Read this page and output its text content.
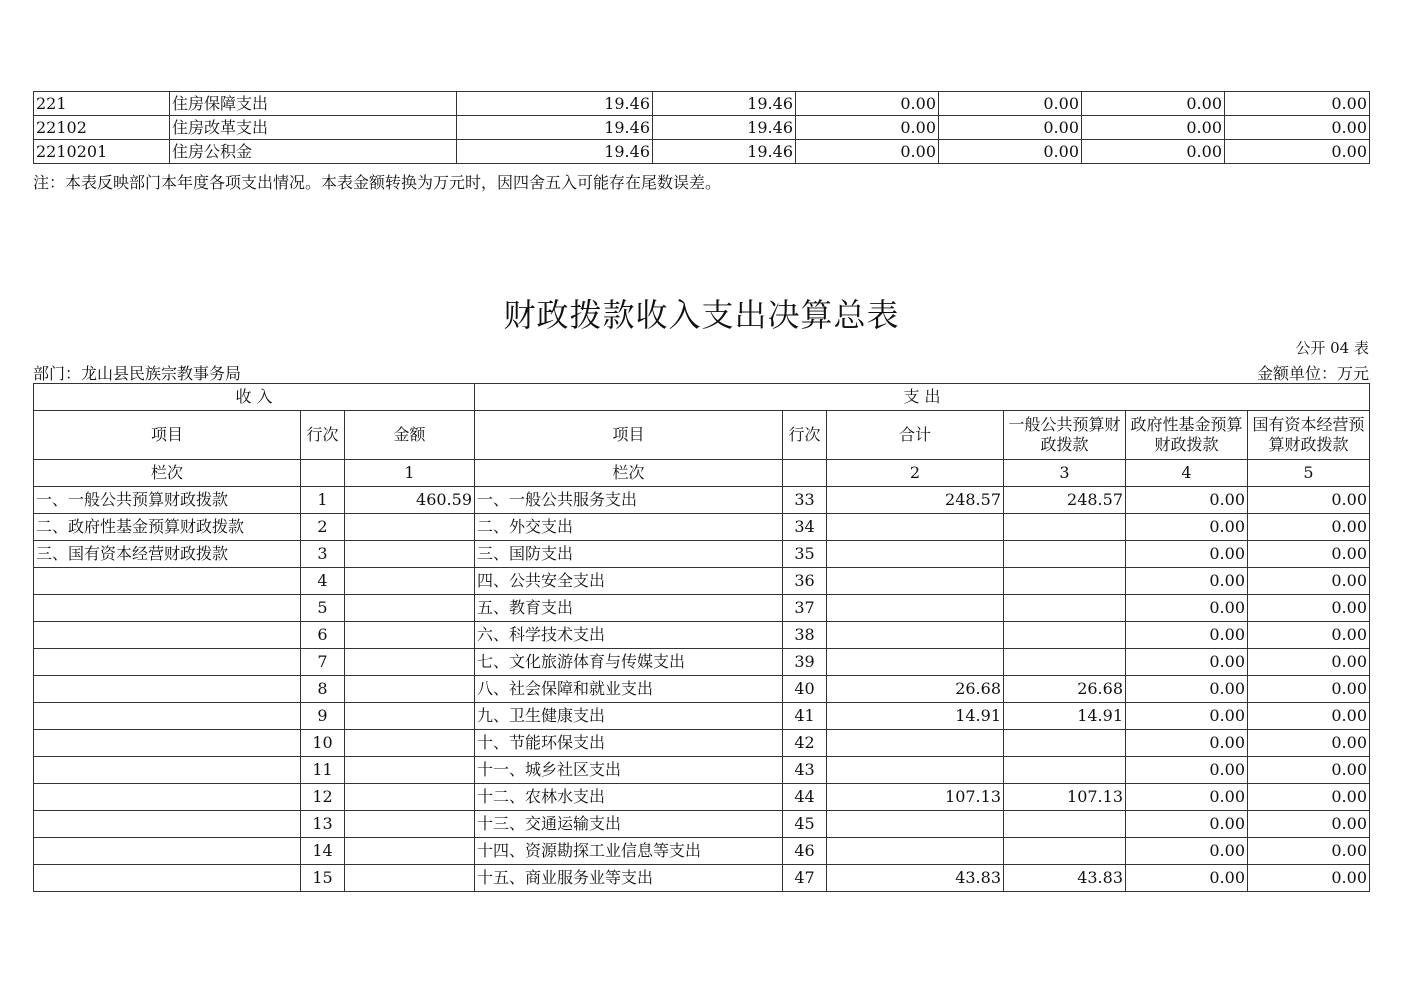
221	住房保障支出	19.46	19.46	0.00	0.00	0.00	0.00
22102	住房改革支出	19.46	19.46	0.00	0.00	0.00	0.00
2210201	住房公积金	19.46	19.46	0.00	0.00	0.00	0.00
注：本表反映部门本年度各项支出情况。本表金额转换为万元时，因四舍五入可能存在尾数误差。
财政拨款收入支出决算总表
公开 04 表
部门：龙山县民族宗教事务局	金额单位：万元
收 入			支 出					
项目	行次	金额	项目	行次	合计	一般公共预算财政拨款	政府性基金预算财政拨款	国有资本经营预算财政拨款
栏次		1	栏次		2	3	4	5
一、一般公共预算财政拨款	1	460.59	一、一般公共服务支出	33	248.57	248.57	0.00	0.00
二、政府性基金预算财政拨款	2		二、外交支出	34			0.00	0.00
三、国有资本经营财政拨款	3		三、国防支出	35			0.00	0.00
	4		四、公共安全支出	36			0.00	0.00
	5		五、教育支出	37			0.00	0.00
	6		六、科学技术支出	38			0.00	0.00
	7		七、文化旅游体育与传媒支出	39			0.00	0.00
	8		八、社会保障和就业支出	40	26.68	26.68	0.00	0.00
	9		九、卫生健康支出	41	14.91	14.91	0.00	0.00
	10		十、节能环保支出	42			0.00	0.00
	11		十一、城乡社区支出	43			0.00	0.00
	12		十二、农林水支出	44	107.13	107.13	0.00	0.00
	13		十三、交通运输支出	45			0.00	0.00
	14		十四、资源勘探工业信息等支出	46			0.00	0.00
	15		十五、商业服务业等支出	47	43.83	43.83	0.00	0.00
